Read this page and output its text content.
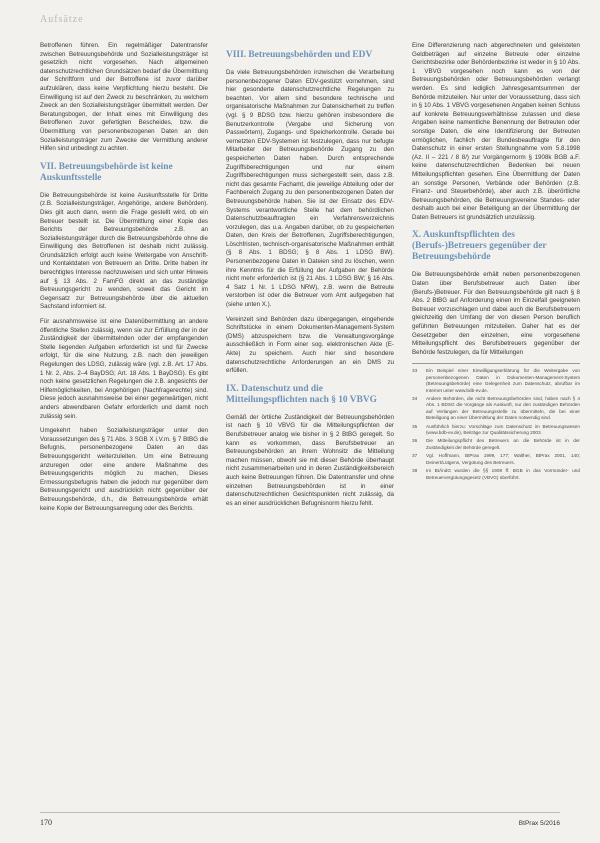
Aufsätze

Betroffenen führen. Ein regelmäßiger Datentransfer zwischen Betreuungsbehörde und Sozialleistungsträger ist gesetzlich nicht vorgesehen. Nach allgemeinen datenschutzrechtlichen Grundsätzen bedarf die Übermittlung der Schriftform und der Betroffene ist zuvor darüber aufzuklären, dass keine Verpflichtung hierzu besteht. Die Einwilligung ist auf den Zweck zu beschränken, zu welchem Zweck an den Sozialleistungsträger übermittelt werden. Der Beratungsbogen, der Inhalt eines mit Einwilligung des Betroffenen zuvor gefertigten Bescheides, bzw. die Übermittlung von personenbezogenen Daten an den Sozialleistungsträger zum Zwecke der Vermittlung anderer Hilfen sind unbedingt zu achten.

VII. Betreuungsbehörde ist keine Auskunftsstelle

Die Betreuungsbehörde ist keine Auskunftsstelle für Dritte (z.B. Sozialleistungsträger, Angehörige, andere Behörden). Dies gilt auch dann, wenn die Frage gestellt wird, ob ein Betreuer bestellt ist. Die Übermittlung einer Kopie des Berichts der Betreuungsbehörde z.B. an Sozialleistungsträger durch die Betreuungsbehörde ohne die Einwilligung des Betroffenen ist deshalb nicht zulässig. Grundsätzlich erfolgt auch keine Weitergabe von Anschrift- und Kontaktdaten von Betreuern an Dritte. Dritte haben ihr berechtigtes Interesse nachzuweisen und sich unter Hinweis auf § 13 Abs. 2 FamFG direkt an das zuständige Betreuungsgericht zu wenden, soweit das Gericht im Gegensatz zur Betreuungsbehörde über die aktuellen Sachstand informiert ist.

Für ausnahmsweise ist eine Datenübermittlung an andere öffentliche Stellen zulässig, wenn sie zur Erfüllung der in der Zuständigkeit der übermittelnden oder der empfangenden Stelle liegenden Aufgaben erforderlich ist und für Zwecke erfolgt, für die eine Nutzung, z.B. nach den jeweiligen Regelungen des LDSG, zulässig wäre (vgl. z.B. Art. 17 Abs. 1 Nr. 2, Abs. 2–4 BayDSG; Art. 18 Abs. 1 BayDSG). Es gibt noch keine gesetzlichen Regelungen die z.B. angesichts der Hilfemöglichkeiten, bei Angehörigen (Nachfragerechte) sind. Diese jedoch ausnahmsweise bei einer gegenwärtigen, nicht anders abwendbaren Gefahr erforderlich und damit noch zulässig sein.

Umgekehrt haben Sozialleistungsträger unter den Voraussetzungen des § 71 Abs. 3 SGB X i.V.m. § 7 BtBG die Befugnis, personenbezogene Daten an das Betreuungsgericht weiterzuleiten. Um eine Betreuung anzuregen oder eine andere Maßnahme des Betreuungsgerichts möglich zu machen, Dieses Ermessungsbefugnis haben die jedoch nur gegenüber dem Betreuungsgericht und ausdrücklich nicht gegenüber der Betreuungsbehörde, d.h., die Betreuungsbehörde erhält keine Kopie der Betreuungsanregung oder des Berichts.

VIII. Betreuungsbehörden und EDV

Da viele Betreuungsbehörden inzwischen die Verarbeitung personenbezogener Daten EDV-gestützt vornehmen, sind hier gesonderte datenschutzrechtliche Regelungen zu beachten. Vor allem sind besondere technische und organisatorische Maßnahmen zur Datensicherheit zu treffen (vgl. § 9 BDSG bzw. hierzu gehören insbesondere die Benutzerkontrolle (Vergabe und Sicherung von Passwörtern), Zugangs- und Speicherkontrolle. Gerade bei vernetzten EDV-Systemen ist festzulegen, dass nur befugte Mitarbeiter der Betreuungsbehörde Zugang zu den gespeicherten Daten haben. Durch entsprechende Zugriffsberechtigungen und nur einem Zugriffsberechtigungen muss sichergestellt sein, dass z.B. nicht das gesamte Fachamt, die jeweilige Abteilung oder der Fachbereich Zugang zu den personenbezogenen Daten der Betreuungsbehörde haben. Sie ist der Einsatz des EDV-Systems verantwortliche Stelle hat dem behördlichen Datenschutzbeauftragten ein Verfahrensverzeichnis vorzulegen, das u.a. Angaben darüber, ob zu gespeicherten Daten, den Kreis der Betroffenen, Zugriffsberechtigungen, Löschfristen, technisch-organisatorische Maßnahmen enthält (§ 8 Abs. 1 BDSG; § 8 Abs. 1 LDSG BW). Personenbezogene Daten in Dateien sind zu löschen, wenn ihre Kenntnis für die Erfüllung der Aufgaben der Behörde nicht mehr erforderlich ist (§ 21 Abs. 1 LDSG BW; § 16 Abs. 4 Satz 1 Nr. 1 LDSG NRW), z.B. wenn die Betreute verstorben ist oder die Betreuer vom Amt aufgegeben hat (siehe unten X.).

Vereinzelt sind Behörden dazu übergegangen, eingehende Schriftstücke in einem Dokumenten-Management-System (DMS) abzuspeichern bzw. die Verwaltungsvorgänge ausschließlich in Form einer sog. elektronischen Akte (E-Akte) zu speichern. Auch hier sind besondere datenschutzrechtliche Anforderungen an ein DMS zu erfüllen.

IX. Datenschutz und die Mitteilungspflichten nach § 10 VBVG

Gemäß der örtliche Zuständigkeit der Betreuungsbehörden ist nach § 10 VBVG für die Mitteilungspflichten der Berufsbetreuer analog wie bisher in § 2 BtBG geregelt. So kann es vorkommen, dass Berufsbetreuer an Betreuungsbehörden an ihrem Wohnsitz die Mitteilung machen müssen, obwohl sie mit dieser Behörde überhaupt nicht zusammenarbeiten und in deren Zuständigkeitsbereich auch keine Betreuungen führen. Die Datentransfer und ohne einzelnen Betreuungsbehörden ist in einer datenschutzrechtlichen Gesichtspunkten nicht zulässig, da es an einer ausdrücklichen Befugnisnorm hierzu fehlt.

Eine Differenzierung nach abgerechneten und geleisteten Geldbeträgen auf einzelne Betreute oder einzelne Gerichtsbezirke oder Behördenbezirke ist weder in § 10 Abs. 1 VBVG vorgesehen noch kann es von der Betreuungsbehörden oder Betreuungsbehörden verlangt werden. Es sind lediglich Jahresgesamtsummen der Behörde mitzuteilen. Nur unter der Voraussetzung, dass sich in § 10 Abs. 1 VBVG vorgesehenen Angaben keinen Schluss auf konkrete Betreuungsverhältnisse zulassen und diese Angaben keine namentliche Benennung der Betreuten oder sonstige Daten, die eine Identifizierung der Betreuten ermöglichen, fachlich der Bundesbeauftragte für den Datenschutz in einer ersten Stellungnahme vom 5.8.1998 (Az. II – 221 / 8 8/) zur Vorgängernorm § 1908k BGB a.F. keine datenschutzrechtlichen Bedenken bei neuen Mitteilungspflichten gesehen. Eine Übermittlung der Daten an sonstige Personen, Verbände oder Behörden (z.B. Finanz- und Steuerbehörde), aber auch z.B. überörtliche Betreuungsbehörden, die Betreuungsvereine Standes- oder deshalb auch bei einer Beteiligung an der Übermittlung der Daten Betreuers ist grundsätzlich unzulässig.

X. Auskunftspflichten des (Berufs-)Betreuers gegenüber der Betreuungsbehörde

Die Betreuungsbehörde erhält neben personenbezogenen Daten über Berufsbetreuer auch Daten über (Berufs-)Betreuer. Für den Betreuungsbehörde gilt nach § 8 Abs. 2 BtBG auf Anforderung einen im Einzelfall geeigneten Betreuer vorzuschlagen und dabei auch die Berufsbetreuern gleichzeitig den Umfang der von diesen Person beruflich geführten Betreuungen mitzuteilen. Daher hat es der Gesetzgeber den einzelnen, eine vorgesehene Mitteilungspflicht des Berufsbetreuers gegenüber der Behörde festzulegen, da für Mitteilungen

33	Ein Beispiel einer Einwilligungserklärung für die Weitergabe von personenbezogenen Daten in Dokumenten-Management-System (Betreuungsbehörde) eine Gelegenheit zum Datenschutz, abrufbar im Internet unter www.bdb-ev.de.
34	Andere Behörden, die nicht Betreuungsbehörden sind, haben nach § 4 Abs. 1 BDSG die Vorgänge als Auskunft, nur den zuständigen Behörden auf Verlangen der Betreuungsstelle zu übermitteln, die bei einer Beteiligung an einer Übermittlung der Daten notwendig sind.
35	Ausführlich hierzu: Vorschläge zum Datenschutz im Betreuungswesen (www.bdb-ev.de), Beiträge zur Qualitätssicherung 2003.
36	Die Mitteilungspflicht des Betreuers an die Behörde ist in der Zuständigkeit der Behörde geregelt.
37	Vgl. Hoffmann, BtPrax 1999, 177; Walther, BtPrax 2001, 140; Deinert/Lütgens, Vergütung des Betreuers.
38	Im BtÄndG wurden die §§ 1908 ff. BGB in das Vormünder- und Betreuervergütungsgesetz (VBVG) überführt.
170	BtPrax 5/2016
